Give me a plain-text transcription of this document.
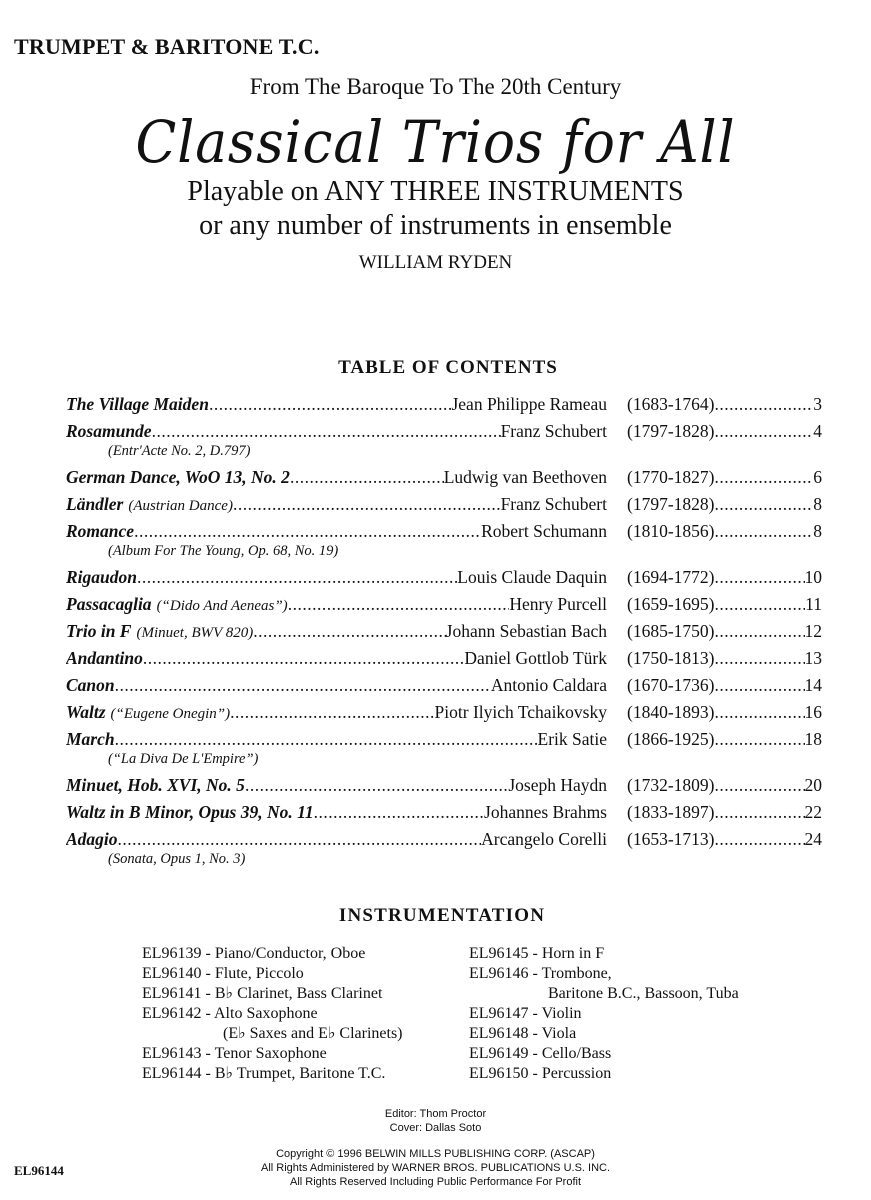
TRUMPET & BARITONE T.C.
From The Baroque To The 20th Century
Classical Trios for All
Playable on ANY THREE INSTRUMENTS
or any number of instruments in ensemble
WILLIAM RYDEN
TABLE OF CONTENTS
The Village Maiden .....	Jean Philippe Rameau (1683-1764) .....	3
Rosamunde .....	Franz Schubert (1797-1828) .....	4
(Entr'Acte No. 2, D.797)
German Dance, WoO 13, No. 2 .....	Ludwig van Beethoven (1770-1827) .....	6
Ländler (Austrian Dance) .....	Franz Schubert (1797-1828) .....	8
Romance .....	Robert Schumann (1810-1856) .....	8
(Album For The Young, Op. 68, No. 19)
Rigaudon .....	Louis Claude Daquin (1694-1772) .....	10
Passacaglia (“Dido And Aeneas”) .....	Henry Purcell (1659-1695) .....	11
Trio in F (Minuet, BWV 820) .....	Johann Sebastian Bach (1685-1750) .....	12
Andantino .....	Daniel Gottlob Türk (1750-1813) .....	13
Canon .....	Antonio Caldara (1670-1736) .....	14
Waltz (“Eugene Onegin”) .....	Piotr Ilyich Tchaikovsky (1840-1893) .....	16
March .....	Erik Satie (1866-1925) .....	18
(“La Diva De L'Empire”)
Minuet, Hob. XVI, No. 5 .....	Joseph Haydn (1732-1809) .....	20
Waltz in B Minor, Opus 39, No. 11 .....	Johannes Brahms (1833-1897) .....	22
Adagio .....	Arcangelo Corelli (1653-1713) .....	24
(Sonata, Opus 1, No. 3)
INSTRUMENTATION
EL96139 - Piano/Conductor, Oboe
EL96140 - Flute, Piccolo
EL96141 - B♭ Clarinet, Bass Clarinet
EL96142 - Alto Saxophone
(E♭ Saxes and E♭ Clarinets)
EL96143 - Tenor Saxophone
EL96144 - B♭ Trumpet, Baritone T.C.
EL96145 - Horn in F
EL96146 - Trombone,
Baritone B.C., Bassoon, Tuba
EL96147 - Violin
EL96148 - Viola
EL96149 - Cello/Bass
EL96150 - Percussion
Editor: Thom Proctor
Cover: Dallas Soto
Copyright © 1996 BELWIN MILLS PUBLISHING CORP. (ASCAP)
All Rights Administered by WARNER BROS. PUBLICATIONS U.S. INC.
All Rights Reserved Including Public Performance For Profit
EL96144
